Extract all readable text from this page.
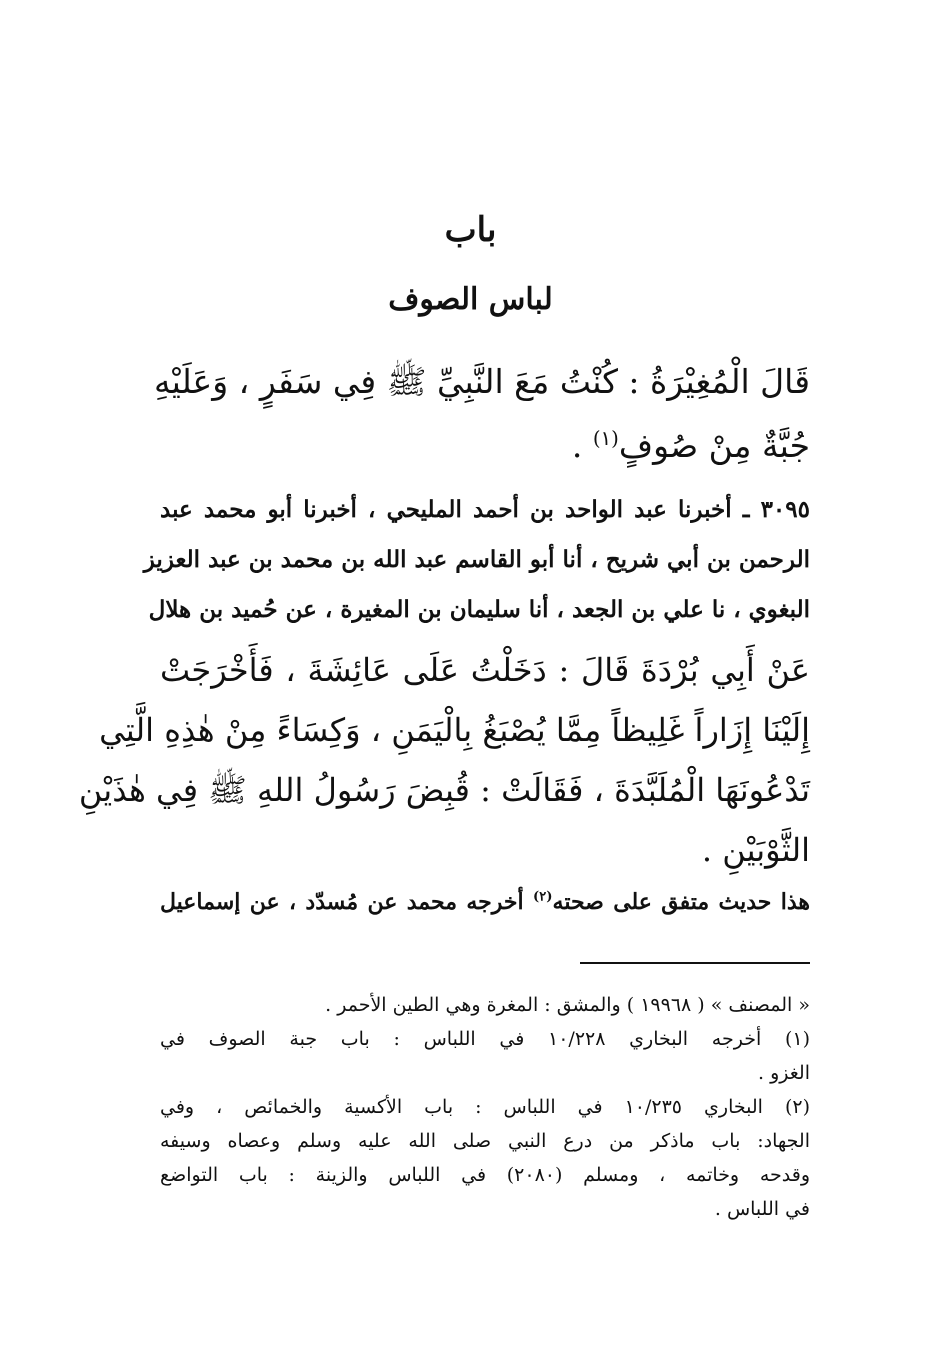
باب
لباس الصوف
قَالَ الْمُغِيْرَةُ : كُنْتُ مَعَ النَّبِيِّ ﷺ فِي سَفَرٍ ، وَعَلَيْهِ
جُبَّةٌ مِنْ صُوفٍ$^{(١)}$ .
٣٠٩٥ ـ أخبرنا عبد الواحد بن أحمد المليحي ، أخبرنا أبو محمد عبد
الرحمن بن أبي شريح ، أنا أبو القاسم عبد الله بن محمد بن عبد العزيز
البغوي ، نا علي بن الجعد ، أنا سليمان بن المغيرة ، عن حُميد بن هلال
عَنْ أَبِي بُرْدَةَ قَالَ : دَخَلْتُ عَلَى عَائِشَةَ ، فَأَخْرَجَتْ
إِلَيْنَا إِزَاراً غَلِيظاً مِمَّا يُصْبَغُ بِالْيَمَنِ ، وَكِسَاءً مِنْ هٰذِهِ الَّتِي
تَدْعُونَهَا الْمُلَبَّدَةَ ، فَقَالَتْ : قُبِضَ رَسُولُ اللهِ ﷺ فِي هٰذَيْنِ
الثَّوْبَيْنِ .
هذا حديث متفق على صحته$^{(٢)}$ أخرجه محمد عن مُسدّد ، عن إسماعيل
« المصنف » ( ١٩٩٦٨ ) والمشق : المغرة وهي الطين الأحمر .
(١) أخرجه البخاري ١٠/٢٢٨ في اللباس : باب جبة الصوف في
الغزو .
(٢) البخاري ١٠/٢٣٥ في اللباس : باب الأكسية والخمائص ، وفي
الجهاد: باب ماذكر من درع النبي صلى الله عليه وسلم وعصاه وسيفه
وقدحه وخاتمه ، ومسلم (٢٠٨٠) في اللباس والزينة : باب التواضع
في اللباس .
